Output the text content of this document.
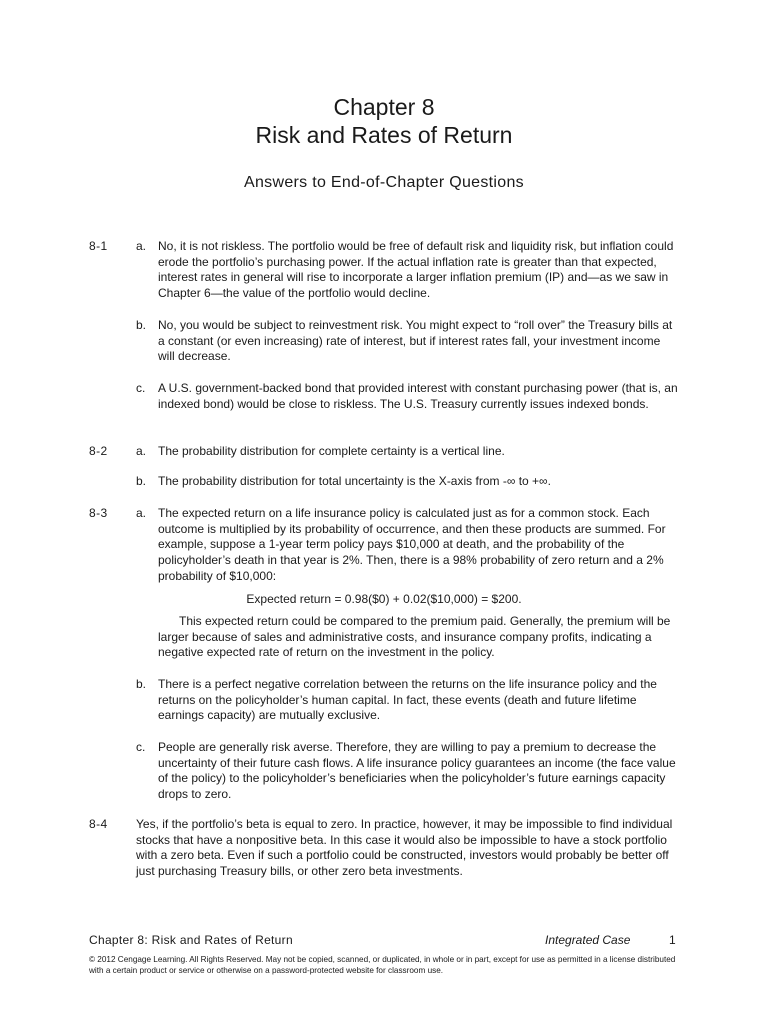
Chapter 8
Risk and Rates of Return
Answers to End-of-Chapter Questions
8-1 a. No, it is not riskless. The portfolio would be free of default risk and liquidity risk, but inflation could erode the portfolio’s purchasing power. If the actual inflation rate is greater than that expected, interest rates in general will rise to incorporate a larger inflation premium (IP) and—as we saw in Chapter 6—the value of the portfolio would decline.
b. No, you would be subject to reinvestment risk. You might expect to “roll over” the Treasury bills at a constant (or even increasing) rate of interest, but if interest rates fall, your investment income will decrease.
c. A U.S. government-backed bond that provided interest with constant purchasing power (that is, an indexed bond) would be close to riskless. The U.S. Treasury currently issues indexed bonds.
8-2 a. The probability distribution for complete certainty is a vertical line.
b. The probability distribution for total uncertainty is the X-axis from -∞ to +∞.
8-3 a. The expected return on a life insurance policy is calculated just as for a common stock. Each outcome is multiplied by its probability of occurrence, and then these products are summed. For example, suppose a 1-year term policy pays $10,000 at death, and the probability of the policyholder’s death in that year is 2%. Then, there is a 98% probability of zero return and a 2% probability of $10,000:
Expected return = 0.98($0) + 0.02($10,000) = $200.
This expected return could be compared to the premium paid. Generally, the premium will be larger because of sales and administrative costs, and insurance company profits, indicating a negative expected rate of return on the investment in the policy.
b. There is a perfect negative correlation between the returns on the life insurance policy and the returns on the policyholder’s human capital. In fact, these events (death and future lifetime earnings capacity) are mutually exclusive.
c. People are generally risk averse. Therefore, they are willing to pay a premium to decrease the uncertainty of their future cash flows. A life insurance policy guarantees an income (the face value of the policy) to the policyholder’s beneficiaries when the policyholder’s future earnings capacity drops to zero.
8-4 Yes, if the portfolio’s beta is equal to zero. In practice, however, it may be impossible to find individual stocks that have a nonpositive beta. In this case it would also be impossible to have a stock portfolio with a zero beta. Even if such a portfolio could be constructed, investors would probably be better off just purchasing Treasury bills, or other zero beta investments.
Chapter 8: Risk and Rates of Return	Integrated Case	1
© 2012 Cengage Learning. All Rights Reserved. May not be copied, scanned, or duplicated, in whole or in part, except for use as permitted in a license distributed with a certain product or service or otherwise on a password-protected website for classroom use.
